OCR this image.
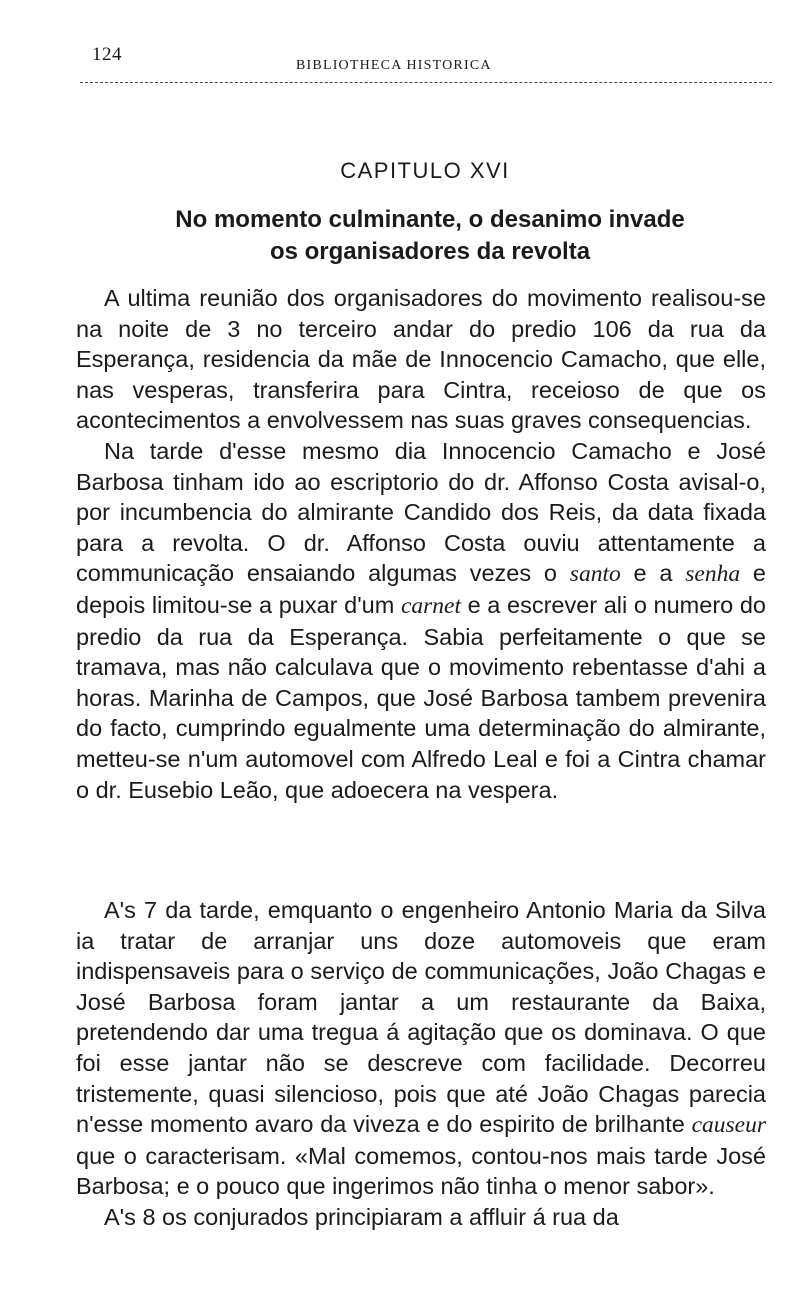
124
BIBLIOTHECA HISTORICA
CAPITULO XVI
No momento culminante, o desanimo invade
os organisadores da revolta

A ultima reunião dos organisadores do movimento realisou-se na noite de 3 no terceiro andar do predio 106 da rua da Esperança, residencia da mãe de Innocencio Camacho, que elle, nas vesperas, transferira para Cintra, receioso de que os acontecimentos a envolvessem nas suas graves consequencias.

Na tarde d'esse mesmo dia Innocencio Camacho e José Barbosa tinham ido ao escriptorio do dr. Affonso Costa avisal-o, por incumbencia do almirante Candido dos Reis, da data fixada para a revolta. O dr. Affonso Costa ouviu attentamente a communicação ensaiando algumas vezes o santo e a senha e depois limitou-se a puxar d'um carnet e a escrever ali o numero do predio da rua da Esperança. Sabia perfeitamente o que se tramava, mas não calculava que o movimento rebentasse d'ahi a horas. Marinha de Campos, que José Barbosa tambem prevenira do facto, cumprindo egualmente uma determinação do almirante, metteu-se n'um automovel com Alfredo Leal e foi a Cintra chamar o dr. Eusebio Leão, que adoecera na vespera.

A's 7 da tarde, emquanto o engenheiro Antonio Maria da Silva ia tratar de arranjar uns doze automoveis que eram indispensaveis para o serviço de communicações, João Chagas e José Barbosa foram jantar a um restaurante da Baixa, pretendendo dar uma tregua á agitação que os dominava. O que foi esse jantar não se descreve com facilidade. Decorreu tristemente, quasi silencioso, pois que até João Chagas parecia n'esse momento avaro da viveza e do espirito de brilhante causeur que o caracterisam. «Mal comemos, contou-nos mais tarde José Barbosa; e o pouco que ingerimos não tinha o menor sabor».

A's 8 os conjurados principiaram a affluir á rua da
